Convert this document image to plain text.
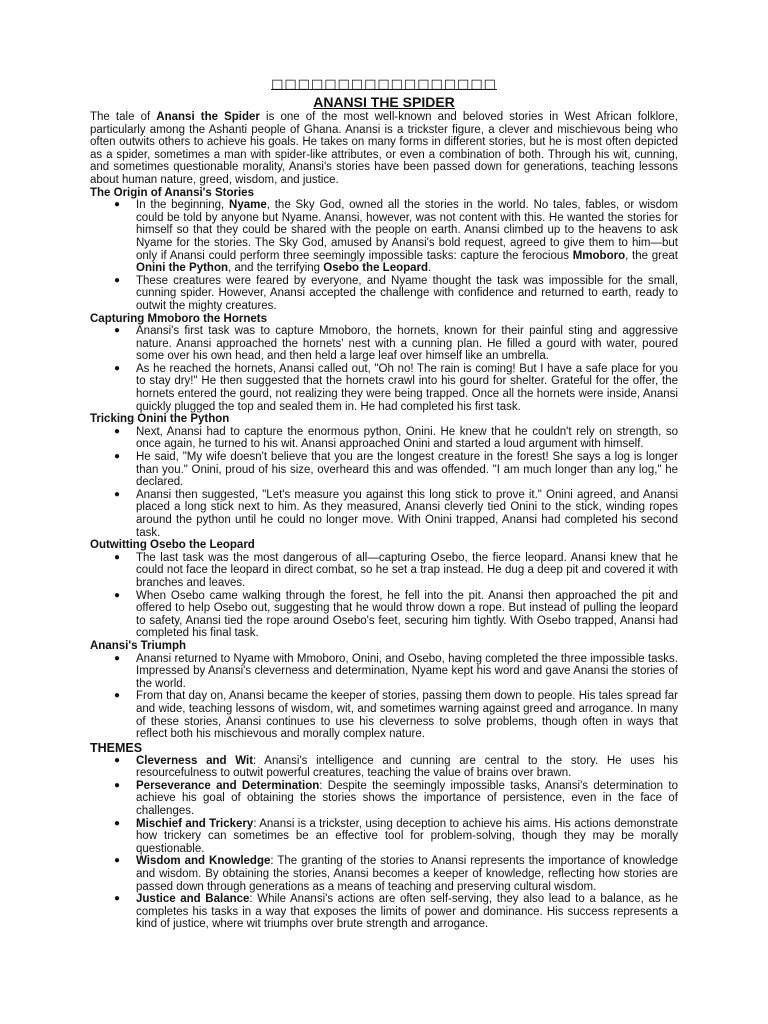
□□□□□□□□□□□□□□□□□
ANANSI THE SPIDER

The tale of Anansi the Spider is one of the most well-known and beloved stories in West African folklore, particularly among the Ashanti people of Ghana. Anansi is a trickster figure, a clever and mischievous being who often outwits others to achieve his goals. He takes on many forms in different stories, but he is most often depicted as a spider, sometimes a man with spider-like attributes, or even a combination of both. Through his wit, cunning, and sometimes questionable morality, Anansi's stories have been passed down for generations, teaching lessons about human nature, greed, wisdom, and justice.

The Origin of Anansi's Stories
● In the beginning, Nyame, the Sky God, owned all the stories in the world. No tales, fables, or wisdom could be told by anyone but Nyame. Anansi, however, was not content with this. He wanted the stories for himself so that they could be shared with the people on earth. Anansi climbed up to the heavens to ask Nyame for the stories. The Sky God, amused by Anansi's bold request, agreed to give them to him—but only if Anansi could perform three seemingly impossible tasks: capture the ferocious Mmoboro, the great Onini the Python, and the terrifying Osebo the Leopard.
● These creatures were feared by everyone, and Nyame thought the task was impossible for the small, cunning spider. However, Anansi accepted the challenge with confidence and returned to earth, ready to outwit the mighty creatures.
Capturing Mmoboro the Hornets
● Anansi's first task was to capture Mmoboro, the hornets, known for their painful sting and aggressive nature. Anansi approached the hornets' nest with a cunning plan. He filled a gourd with water, poured some over his own head, and then held a large leaf over himself like an umbrella.
● As he reached the hornets, Anansi called out, "Oh no! The rain is coming! But I have a safe place for you to stay dry!" He then suggested that the hornets crawl into his gourd for shelter. Grateful for the offer, the hornets entered the gourd, not realizing they were being trapped. Once all the hornets were inside, Anansi quickly plugged the top and sealed them in. He had completed his first task.
Tricking Onini the Python
● Next, Anansi had to capture the enormous python, Onini. He knew that he couldn't rely on strength, so once again, he turned to his wit. Anansi approached Onini and started a loud argument with himself.
● He said, "My wife doesn't believe that you are the longest creature in the forest! She says a log is longer than you." Onini, proud of his size, overheard this and was offended. "I am much longer than any log," he declared.
● Anansi then suggested, "Let's measure you against this long stick to prove it." Onini agreed, and Anansi placed a long stick next to him. As they measured, Anansi cleverly tied Onini to the stick, winding ropes around the python until he could no longer move. With Onini trapped, Anansi had completed his second task.
Outwitting Osebo the Leopard
● The last task was the most dangerous of all—capturing Osebo, the fierce leopard. Anansi knew that he could not face the leopard in direct combat, so he set a trap instead. He dug a deep pit and covered it with branches and leaves.
● When Osebo came walking through the forest, he fell into the pit. Anansi then approached the pit and offered to help Osebo out, suggesting that he would throw down a rope. But instead of pulling the leopard to safety, Anansi tied the rope around Osebo's feet, securing him tightly. With Osebo trapped, Anansi had completed his final task.
Anansi's Triumph
● Anansi returned to Nyame with Mmoboro, Onini, and Osebo, having completed the three impossible tasks. Impressed by Anansi's cleverness and determination, Nyame kept his word and gave Anansi the stories of the world.
● From that day on, Anansi became the keeper of stories, passing them down to people. His tales spread far and wide, teaching lessons of wisdom, wit, and sometimes warning against greed and arrogance. In many of these stories, Anansi continues to use his cleverness to solve problems, though often in ways that reflect both his mischievous and morally complex nature.
THEMES
● Cleverness and Wit: Anansi's intelligence and cunning are central to the story. He uses his resourcefulness to outwit powerful creatures, teaching the value of brains over brawn.
● Perseverance and Determination: Despite the seemingly impossible tasks, Anansi's determination to achieve his goal of obtaining the stories shows the importance of persistence, even in the face of challenges.
● Mischief and Trickery: Anansi is a trickster, using deception to achieve his aims. His actions demonstrate how trickery can sometimes be an effective tool for problem-solving, though they may be morally questionable.
● Wisdom and Knowledge: The granting of the stories to Anansi represents the importance of knowledge and wisdom. By obtaining the stories, Anansi becomes a keeper of knowledge, reflecting how stories are passed down through generations as a means of teaching and preserving cultural wisdom.
● Justice and Balance: While Anansi's actions are often self-serving, they also lead to a balance, as he completes his tasks in a way that exposes the limits of power and dominance. His success represents a kind of justice, where wit triumphs over brute strength and arrogance.
